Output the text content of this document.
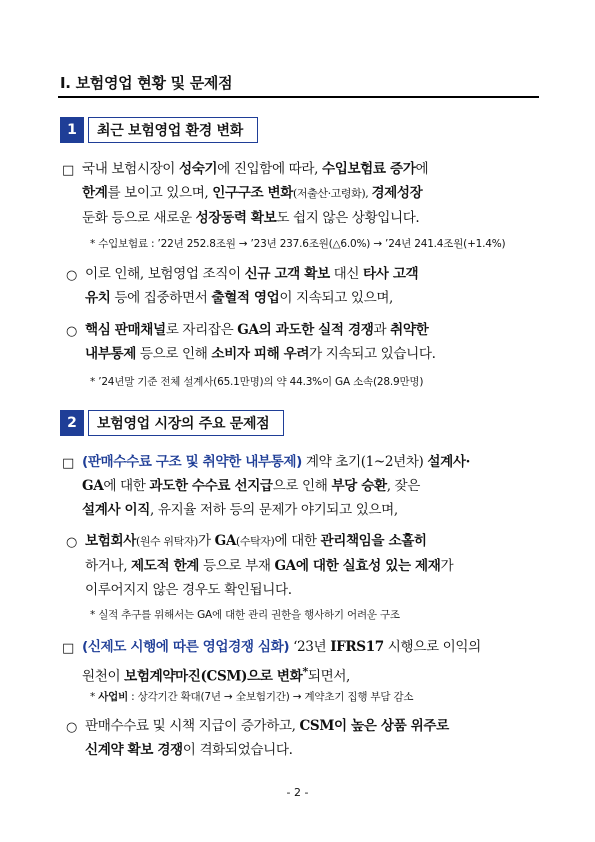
Ⅰ. 보험영업 현황 및 문제점
1	최근 보험영업 환경 변화
□ 국내 보험시장이 성숙기에 진입함에 따라, 수입보험료 증가에
한계를 보이고 있으며, 인구구조 변화(저출산·고령화), 경제성장
둔화 등으로 새로운 성장동력 확보도 쉽지 않은 상황입니다.
* 수입보험료 : ’22년 252.8조원 → ’23년 237.6조원(△6.0%) → ’24년 241.4조원(+1.4%)
○ 이로 인해, 보험영업 조직이 신규 고객 확보 대신 타사 고객
유치 등에 집중하면서 출혈적 영업이 지속되고 있으며,
○ 핵심 판매채널로 자리잡은 GA의 과도한 실적 경쟁과 취약한
내부통제 등으로 인해 소비자 피해 우려가 지속되고 있습니다.
* ’24년말 기준 전체 설계사(65.1만명)의 약 44.3%이 GA 소속(28.9만명)
2	보험영업 시장의 주요 문제점
□ (판매수수료 구조 및 취약한 내부통제) 계약 초기(1~2년차) 설계사·
GA에 대한 과도한 수수료 선지급으로 인해 부당 승환, 잦은
설계사 이직, 유지율 저하 등의 문제가 야기되고 있으며,
○ 보험회사(원수 위탁자)가 GA(수탁자)에 대한 관리책임을 소홀히
하거나, 제도적 한계 등으로 부재 GA에 대한 실효성 있는 제재가
이루어지지 않은 경우도 확인됩니다.
* 실적 추구를 위해서는 GA에 대한 관리 권한을 행사하기 어려운 구조
□ (신제도 시행에 따른 영업경쟁 심화) ‘23년 IFRS17 시행으로 이익의
원천이 보험계약마진(CSM)으로 변화*되면서,
* 사업비 : 상각기간 확대(7년 → 全보험기간) → 계약초기 집행 부담 감소
○ 판매수수료 및 시책 지급이 증가하고, CSM이 높은 상품 위주로
신계약 확보 경쟁이 격화되었습니다.
- 2 -
